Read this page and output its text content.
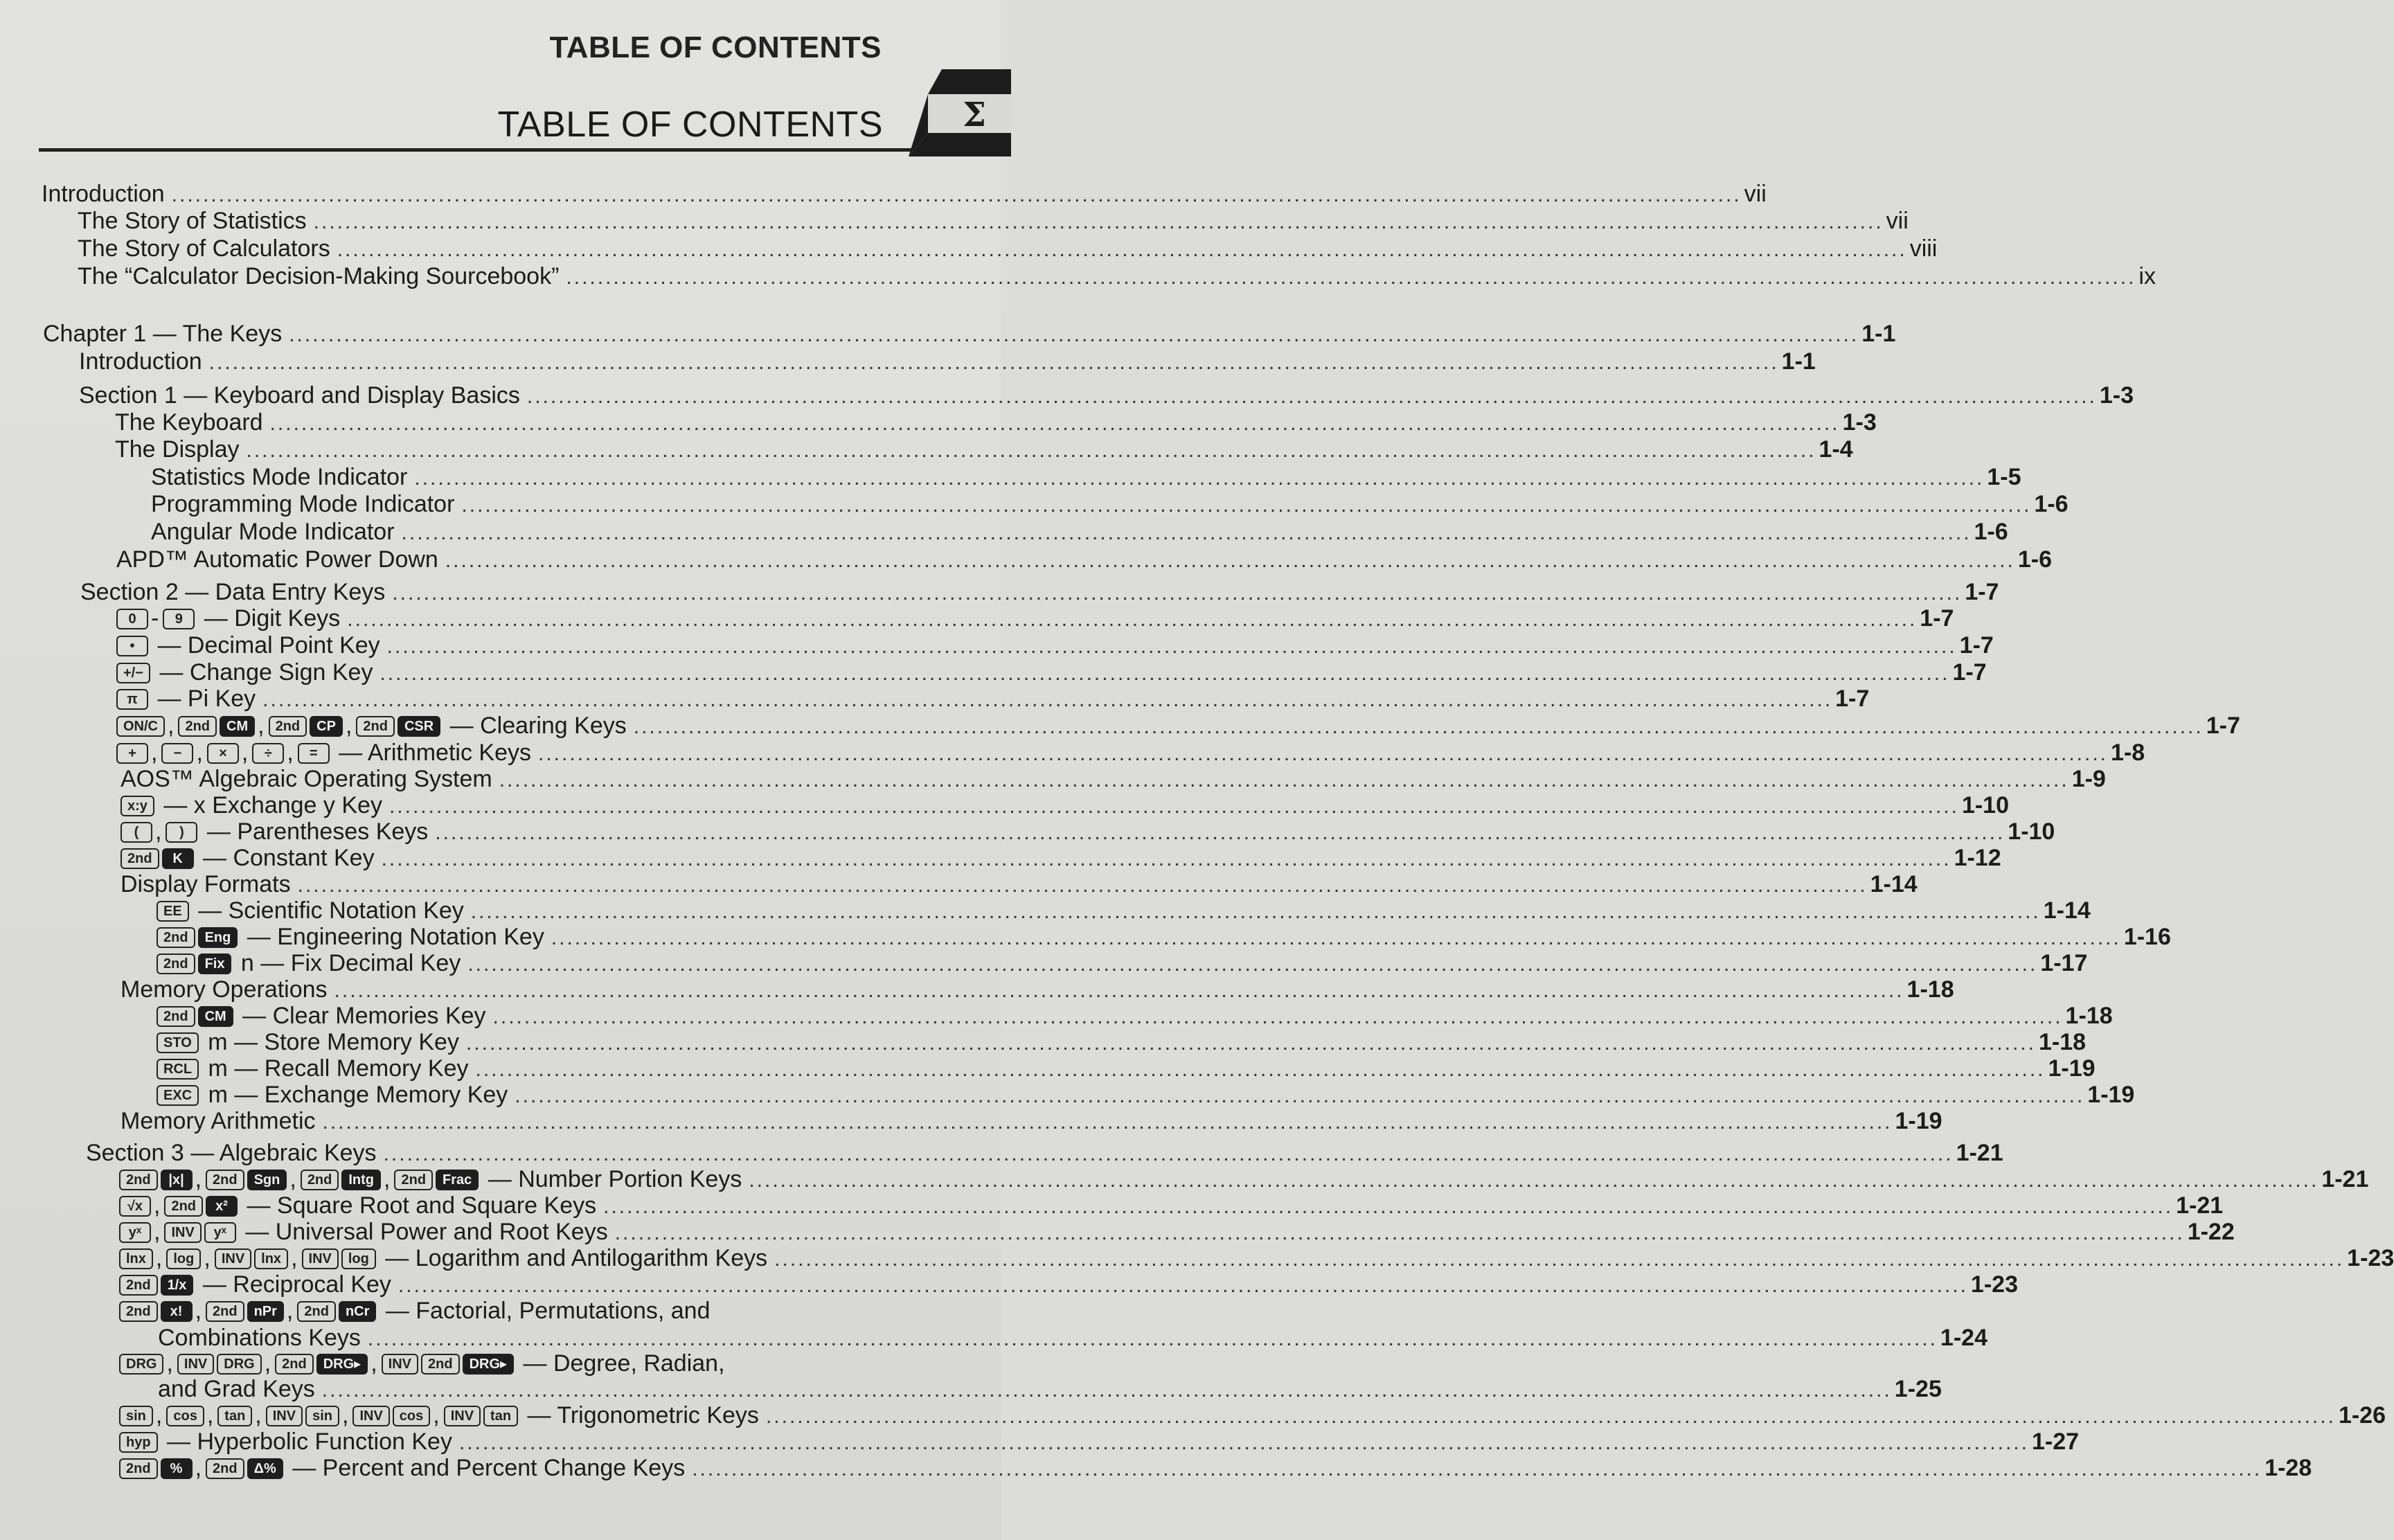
TABLE OF CONTENTS
TABLE OF CONTENTS Σ
Introduction ........................................................................................................................................................................................................ vii
The Story of Statistics ........................................................................................................................................................................................................ vii
The Story of Calculators ........................................................................................................................................................................................................ viii
The “Calculator Decision-Making Sourcebook” ........................................................................................................................................................................................................ ix
Chapter 1 — The Keys ........................................................................................................................................................................................................ 1-1
Introduction ........................................................................................................................................................................................................ 1-1
Section 1 — Keyboard and Display Basics ........................................................................................................................................................................................................ 1-3
The Keyboard ........................................................................................................................................................................................................ 1-3
The Display ........................................................................................................................................................................................................ 1-4
Statistics Mode Indicator ........................................................................................................................................................................................................ 1-5
Programming Mode Indicator ........................................................................................................................................................................................................ 1-6
Angular Mode Indicator ........................................................................................................................................................................................................ 1-6
APD™ Automatic Power Down ........................................................................................................................................................................................................ 1-6
Section 2 — Data Entry Keys ........................................................................................................................................................................................................ 1-7
0 - 9 — Digit Keys ........................................................................................................................................................................................................ 1-7
• — Decimal Point Key ........................................................................................................................................................................................................ 1-7
+/− — Change Sign Key ........................................................................................................................................................................................................ 1-7
π — Pi Key ........................................................................................................................................................................................................ 1-7
ON/C , 2nd CM , 2nd CP , 2nd CSR — Clearing Keys ........................................................................................................................................................................................................ 1-7
+ , − , × , ÷ , = — Arithmetic Keys ........................................................................................................................................................................................................ 1-8
AOS™ Algebraic Operating System ........................................................................................................................................................................................................ 1-9
x:y — x Exchange y Key ........................................................................................................................................................................................................ 1-10
( , ) — Parentheses Keys ........................................................................................................................................................................................................ 1-10
2nd K — Constant Key ........................................................................................................................................................................................................ 1-12
Display Formats ........................................................................................................................................................................................................ 1-14
EE — Scientific Notation Key ........................................................................................................................................................................................................ 1-14
2nd Eng — Engineering Notation Key ........................................................................................................................................................................................................ 1-16
2nd Fix n — Fix Decimal Key ........................................................................................................................................................................................................ 1-17
Memory Operations ........................................................................................................................................................................................................ 1-18
2nd CM — Clear Memories Key ........................................................................................................................................................................................................ 1-18
STO m — Store Memory Key ........................................................................................................................................................................................................ 1-18
RCL m — Recall Memory Key ........................................................................................................................................................................................................ 1-19
EXC m — Exchange Memory Key ........................................................................................................................................................................................................ 1-19
Memory Arithmetic ........................................................................................................................................................................................................ 1-19
Section 3 — Algebraic Keys ........................................................................................................................................................................................................ 1-21
2nd |x| , 2nd Sgn , 2nd Intg , 2nd Frac — Number Portion Keys ........................................................................................................................................................................................................ 1-21
√x , 2nd x² — Square Root and Square Keys ........................................................................................................................................................................................................ 1-21
yˣ , INV yˣ — Universal Power and Root Keys ........................................................................................................................................................................................................ 1-22
lnx , log , INV lnx , INV log — Logarithm and Antilogarithm Keys ........................................................................................................................................................................................................ 1-23
2nd 1/x — Reciprocal Key ........................................................................................................................................................................................................ 1-23
2nd x! , 2nd nPr , 2nd nCr — Factorial, Permutations, and
Combinations Keys ........................................................................................................................................................................................................ 1-24
DRG , INV DRG , 2nd DRG▸ , INV 2nd DRG▸ — Degree, Radian,
and Grad Keys ........................................................................................................................................................................................................ 1-25
sin , cos , tan , INV sin , INV cos , INV tan — Trigonometric Keys ........................................................................................................................................................................................................ 1-26
hyp — Hyperbolic Function Key ........................................................................................................................................................................................................ 1-27
2nd % , 2nd Δ% — Percent and Percent Change Keys ........................................................................................................................................................................................................ 1-28
